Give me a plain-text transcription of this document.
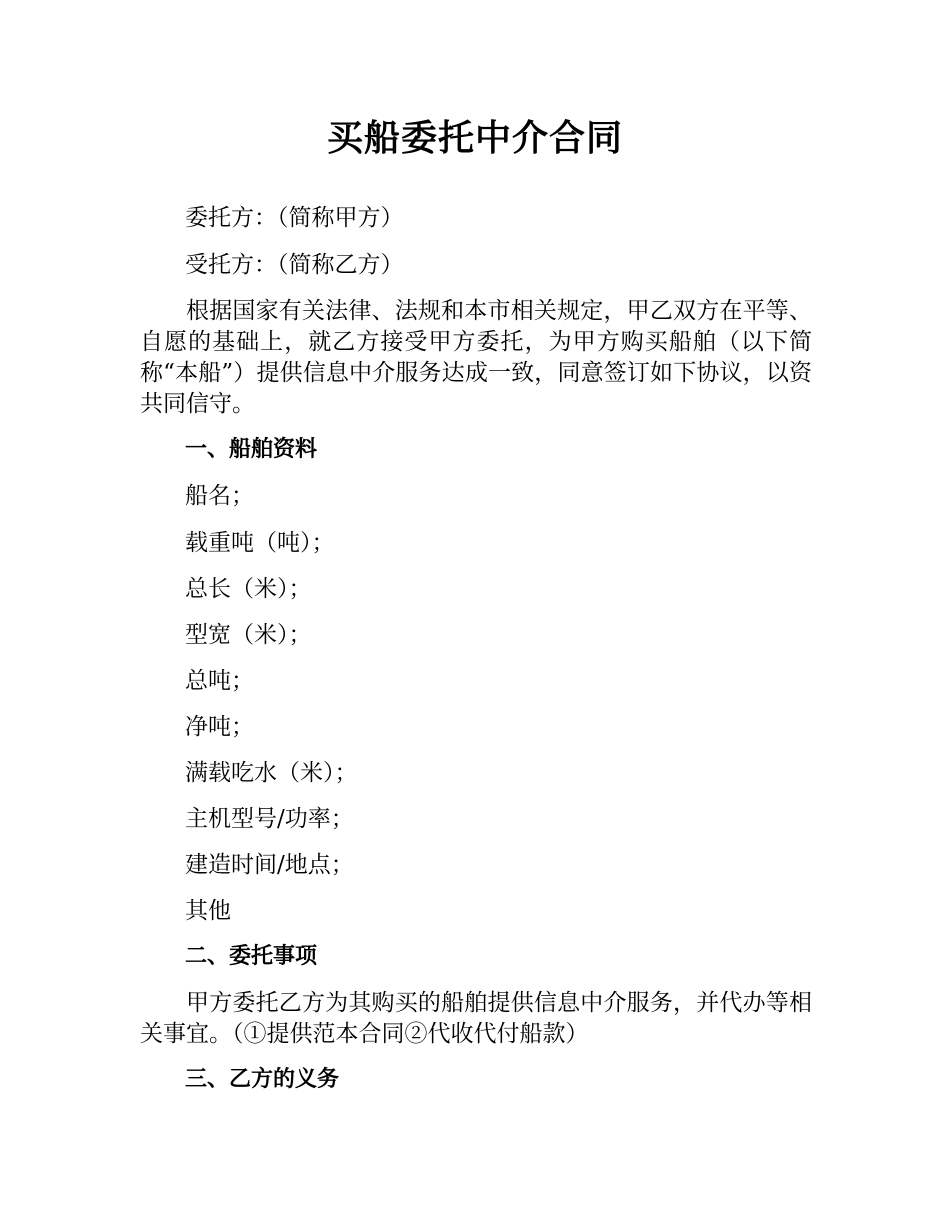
买船委托中介合同

委托方：（简称甲方）

受托方：（简称乙方）

根据国家有关法律、法规和本市相关规定，甲乙双方在平等、自愿的基础上，就乙方接受甲方委托，为甲方购买船舶（以下简称“本船”）提供信息中介服务达成一致，同意签订如下协议，以资共同信守。

一、船舶资料

船名；

载重吨（吨）；

总长（米）；

型宽（米）；

总吨；

净吨；

满载吃水（米）；

主机型号/功率；

建造时间/地点；

其他

二、委托事项

甲方委托乙方为其购买的船舶提供信息中介服务，并代办等相关事宜。（①提供范本合同②代收代付船款）

三、乙方的义务
